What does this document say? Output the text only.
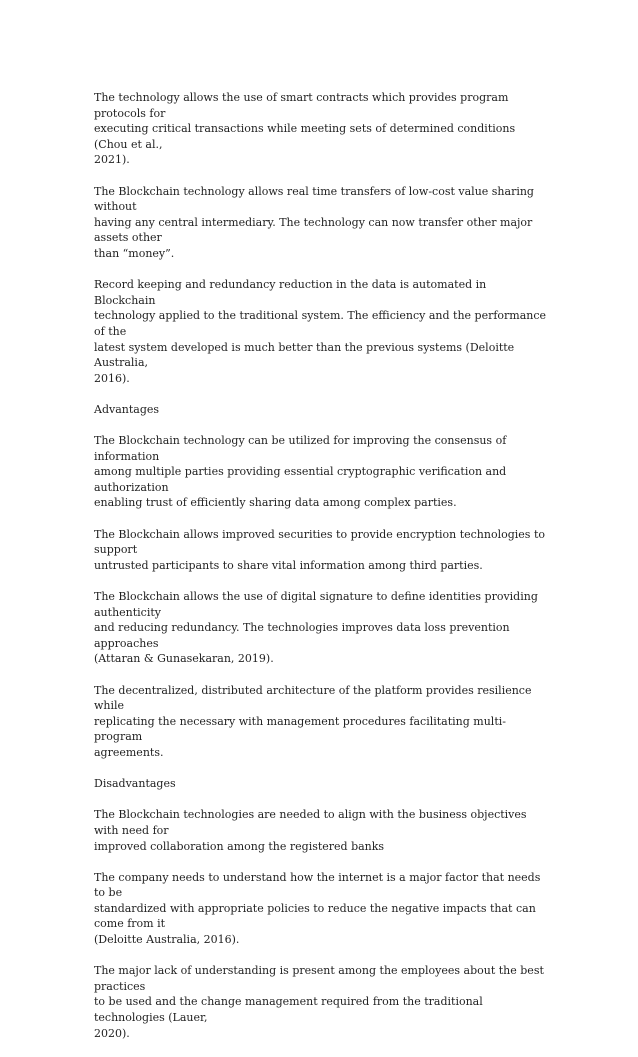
The technology allows the use of smart contracts which provides program protocols for
executing critical transactions while meeting sets of determined conditions (Chou et al.,
2021).

The Blockchain technology allows real time transfers of low-cost value sharing without
having any central intermediary. The technology can now transfer other major assets other
than “money”.

Record keeping and redundancy reduction in the data is automated in Blockchain
technology applied to the traditional system. The efficiency and the performance of the
latest system developed is much better than the previous systems (Deloitte Australia,
2016).

Advantages

The Blockchain technology can be utilized for improving the consensus of information
among multiple parties providing essential cryptographic verification and authorization
enabling trust of efficiently sharing data among complex parties.

The Blockchain allows improved securities to provide encryption technologies to support
untrusted participants to share vital information among third parties.

The Blockchain allows the use of digital signature to define identities providing authenticity
and reducing redundancy. The technologies improves data loss prevention approaches
(Attaran & Gunasekaran, 2019).

The decentralized, distributed architecture of the platform provides resilience while
replicating the necessary with management procedures facilitating multi-program
agreements.

Disadvantages

The Blockchain technologies are needed to align with the business objectives with need for
improved collaboration among the registered banks

The company needs to understand how the internet is a major factor that needs to be
standardized with appropriate policies to reduce the negative impacts that can come from it
(Deloitte Australia, 2016).

The major lack of understanding is present among the employees about the best practices
to be used and the change management required from the traditional technologies (Lauer,
2020).
